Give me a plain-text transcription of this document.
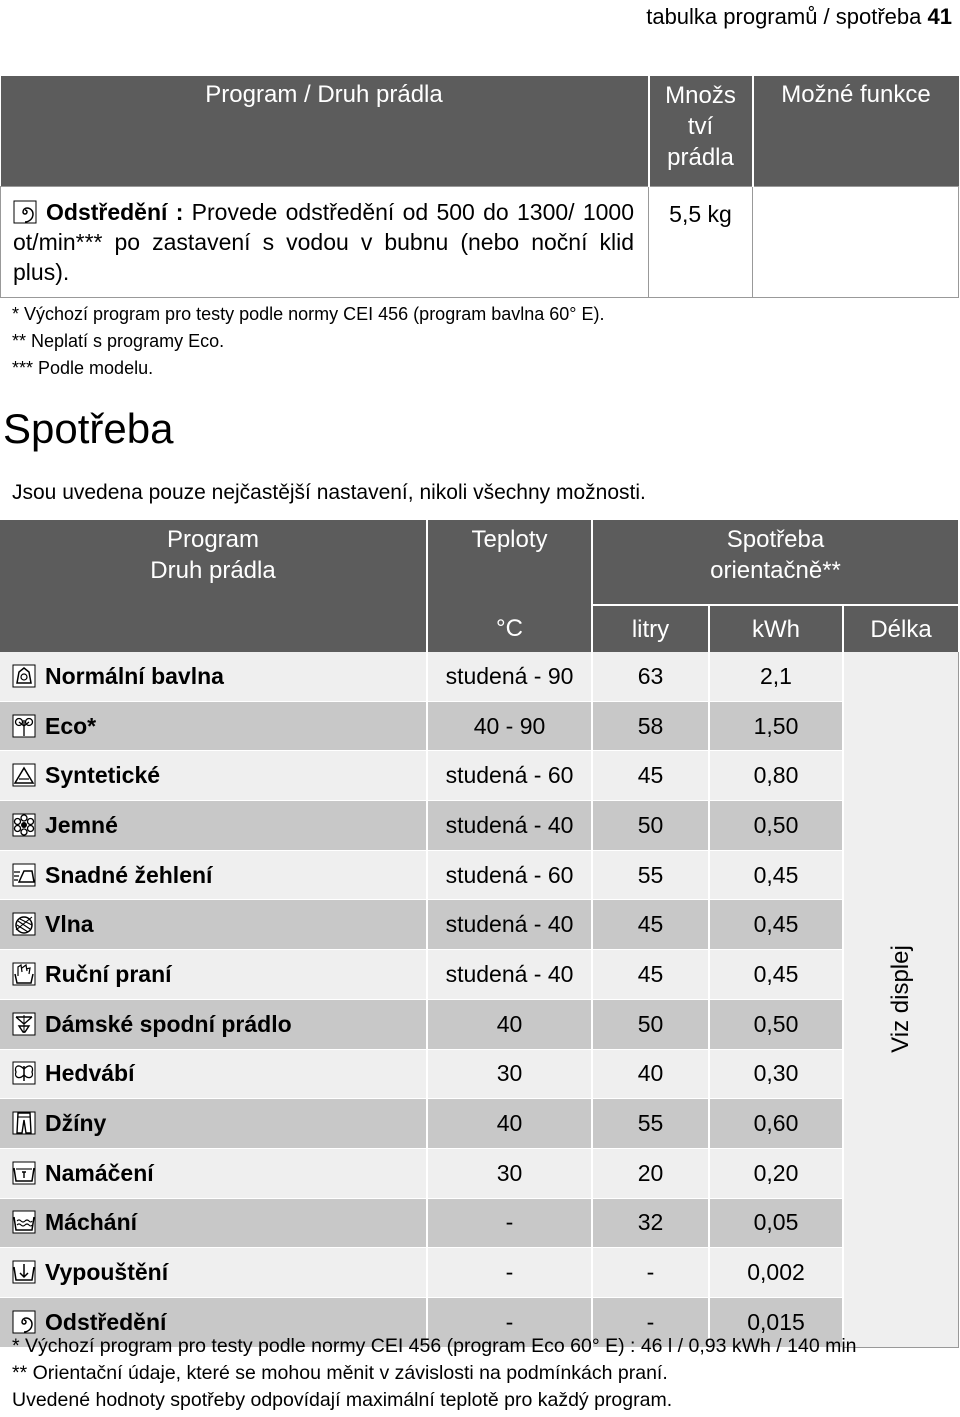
tabulka programů / spotřeba 41
Program / Druh prádla	Množs
tví
prádla	Možné funkce

Odstředění : Provede odstředění od 500 do 1300/ 1000 ot/min*** po zastavení s vodou v bubnu (nebo noční klid plus).	5,5 kg	
* Výchozí program pro testy podle normy CEI 456 (program bavlna 60° E).
** Neplatí s programy Eco.
*** Podle modelu.
Spotřeba
Jsou uvedena pouze nejčastější nastavení, nikoli všechny možnosti.
Program
Druh prádla	Teploty	Spotřeba
orientačně**		
	°C	litry	kWh	Délka

Normální bavlna	studená - 90	63	2,1	Viz displej

Eco*	40 - 90	58	1,50	

Syntetické	studená - 60	45	0,80	

Jemné	studená - 40	50	0,50	

Snadné žehlení	studená - 60	55	0,45	

Vlna	studená - 40	45	0,45	

Ruční praní	studená - 40	45	0,45	

Dámské spodní prádlo	40	50	0,50	

Hedvábí	30	40	0,30	

Džíny	40	55	0,60	

Namáčení	30	20	0,20	

Máchání	-	32	0,05	

Vypouštění	-	-	0,002	

Odstředění	-	-	0,015	
* Výchozí program pro testy podle normy CEI 456 (program Eco 60° E) : 46 l / 0,93 kWh / 140 min
** Orientační údaje, které se mohou měnit v závislosti na podmínkách praní.
Uvedené hodnoty spotřeby odpovídají maximální teplotě pro každý program.
